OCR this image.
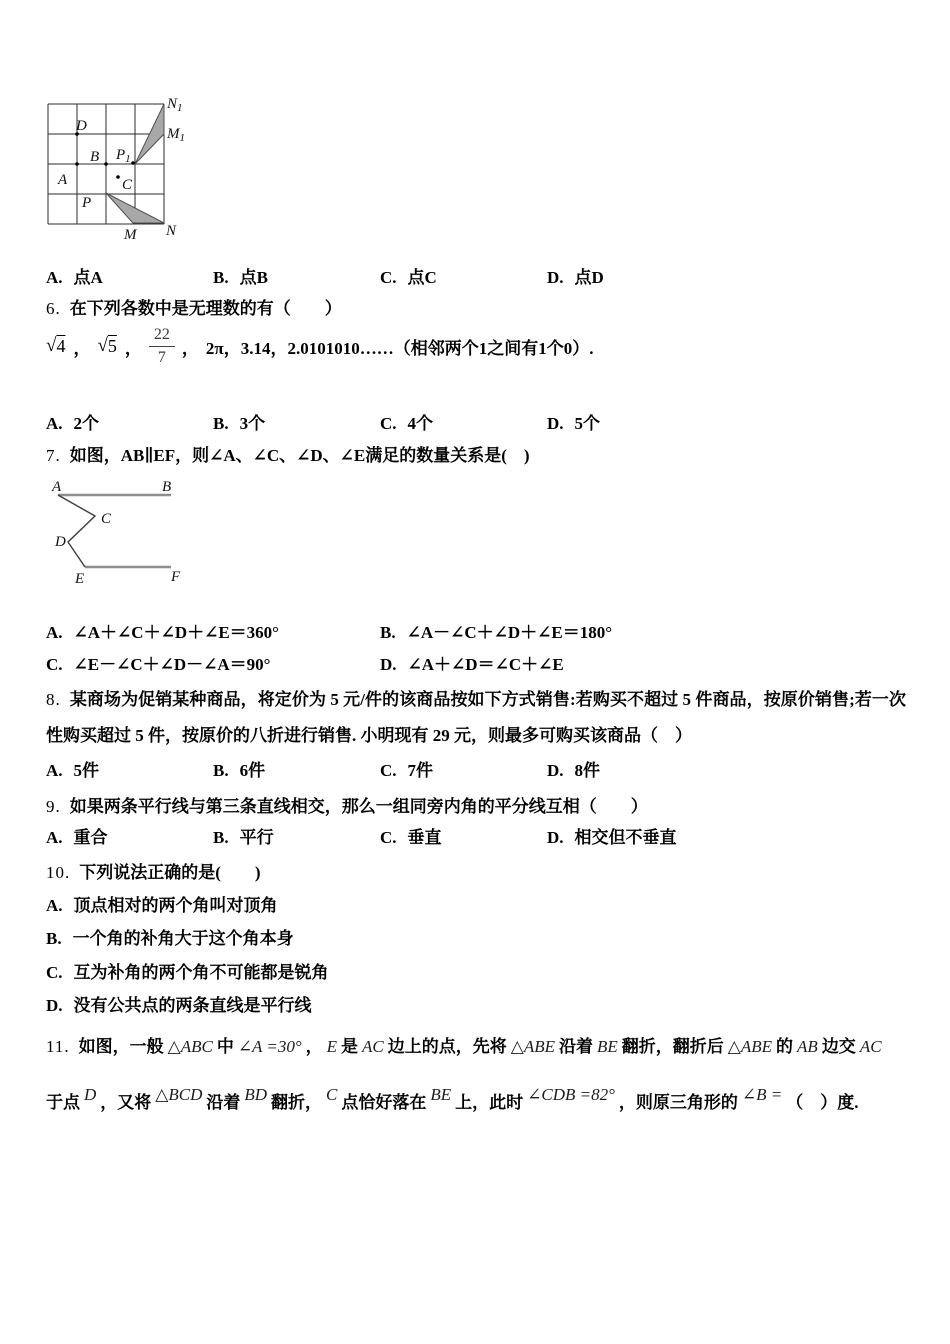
D
B
A	C
P
M N
$P_1$
$N_1$
$M_1$
A. 点A	B. 点B	C. 点C	D. 点D
6. 在下列各数中是无理数的有（　　）
√ 4 ， √ 5 ， $\frac{22}{7}$ ， 2π，3.14，2.0101010……（相邻两个1之间有1个0）.
A. 2个	B. 3个	C. 4个	D. 5个
7. 如图，AB∥EF，则∠A、∠C、∠D、∠E满足的数量关系是(　)
A	B
C
D
E	F
A. ∠A＋∠C＋∠D＋∠E＝360°	B. ∠A－∠C＋∠D＋∠E＝180°
C. ∠E－∠C＋∠D－∠A＝90°	D. ∠A＋∠D＝∠C＋∠E
8. 某商场为促销某种商品，将定价为 5 元/件的该商品按如下方式销售:若购买不超过 5 件商品，按原价销售;若一次
性购买超过 5 件，按原价的八折进行销售. 小明现有 29 元，则最多可购买该商品（　）
A. 5件	B. 6件	C. 7件	D. 8件
9. 如果两条平行线与第三条直线相交，那么一组同旁内角的平分线互相（　　）
A. 重合	B. 平行	C. 垂直	D. 相交但不垂直
10. 下列说法正确的是(　　)
A. 顶点相对的两个角叫对顶角
B. 一个角的补角大于这个角本身
C. 互为补角的两个角不可能都是锐角
D. 没有公共点的两条直线是平行线
11. 如图，一般 △ABC 中 ∠A =30° ， E 是 AC 边上的点，先将 △ABE 沿着 BE 翻折，翻折后 △ABE 的 AB 边交 AC
于点 D ，又将 △BCD 沿着 BD 翻折， C 点恰好落在 BE 上，此时 ∠CDB =82° ，则原三角形的 ∠B = （　）度.
